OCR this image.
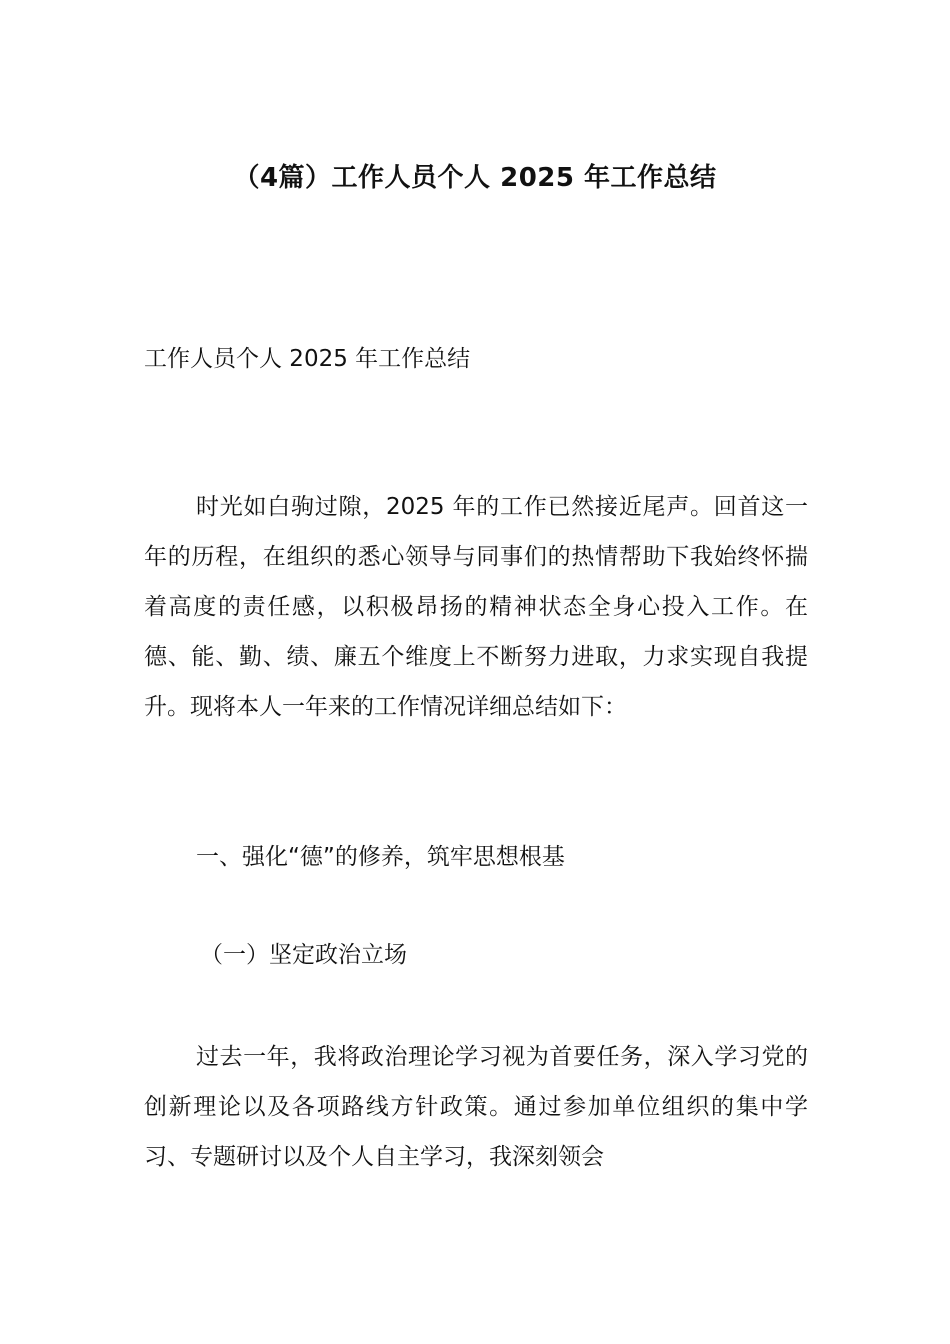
（4篇）工作人员个人 2025 年工作总结
工作人员个人 2025 年工作总结

时光如白驹过隙，2025 年的工作已然接近尾声。回首这一年的历程，在组织的悉心领导与同事们的热情帮助下我始终怀揣着高度的责任感，以积极昂扬的精神状态全身心投入工作。在德、能、勤、绩、廉五个维度上不断努力进取，力求实现自我提升。现将本人一年来的工作情况详细总结如下：

一、强化“德”的修养，筑牢思想根基
（一）坚定政治立场

过去一年，我将政治理论学习视为首要任务，深入学习党的创新理论以及各项路线方针政策。通过参加单位组织的集中学习、专题研讨以及个人自主学习，我深刻领会
